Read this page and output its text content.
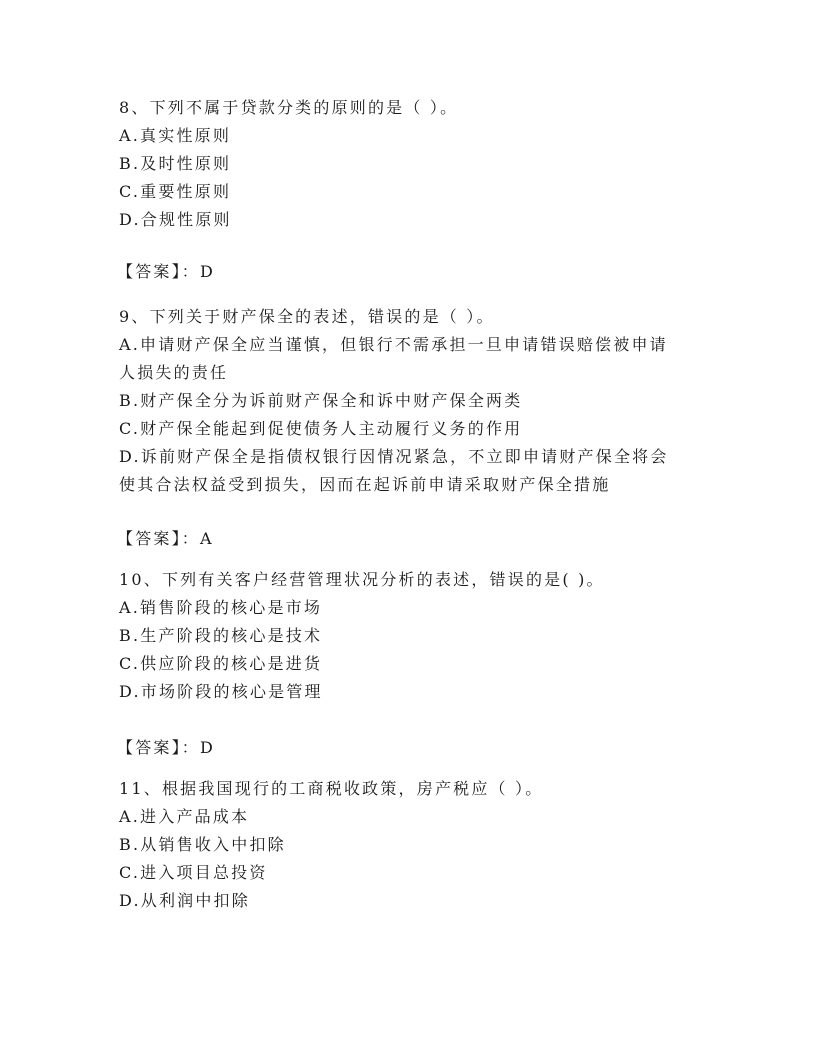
8、下列不属于贷款分类的原则的是（ ）。
A.真实性原则
B.及时性原则
C.重要性原则
D.合规性原则
【答案】：D
9、下列关于财产保全的表述，错误的是（ ）。
A.申请财产保全应当谨慎，但银行不需承担一旦申请错误赔偿被申请
人损失的责任
B.财产保全分为诉前财产保全和诉中财产保全两类
C.财产保全能起到促使债务人主动履行义务的作用
D.诉前财产保全是指债权银行因情况紧急，不立即申请财产保全将会
使其合法权益受到损失，因而在起诉前申请采取财产保全措施
【答案】：A
10、下列有关客户经营管理状况分析的表述，错误的是( )。
A.销售阶段的核心是市场
B.生产阶段的核心是技术
C.供应阶段的核心是进货
D.市场阶段的核心是管理
【答案】：D
11、根据我国现行的工商税收政策，房产税应（ ）。
A.进入产品成本
B.从销售收入中扣除
C.进入项目总投资
D.从利润中扣除
